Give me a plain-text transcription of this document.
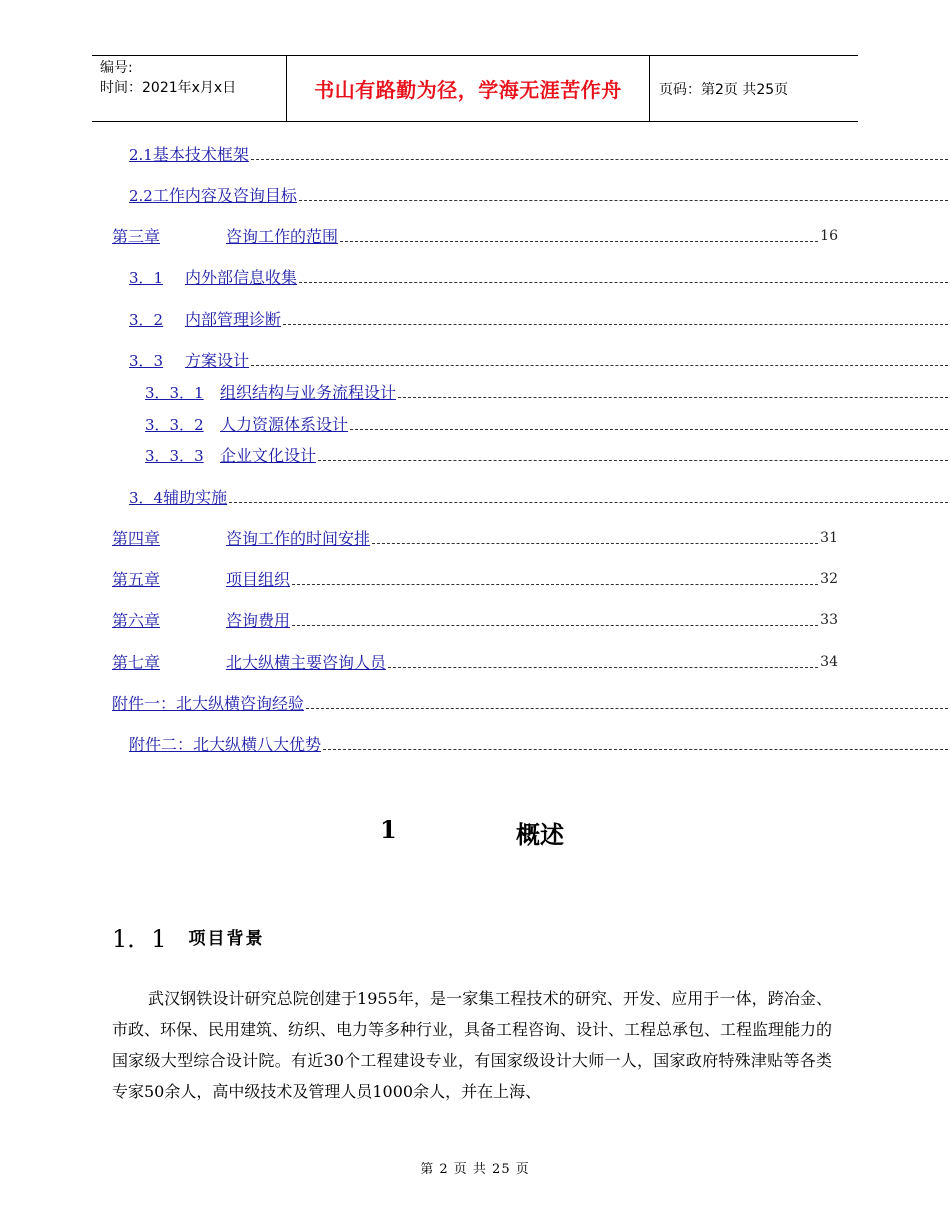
编号:
时间：2021年x月x日	书山有路勤为径，学海无涯苦作舟	页码：第2页 共25页
2.1 基本技术框架
2.2 工作内容及咨询目标
第三章	咨询工作的范围	16
3．1	内外部信息收集
3．2	内部管理诊断
3．3	方案设计
3．3．1	组织结构与业务流程设计
3．3．2	人力资源体系设计
3．3．3	企业文化设计
3．4 辅助实施
第四章	咨询工作的时间安排	31
第五章	项目组织	32
第六章	咨询费用	33
第七章	北大纵横主要咨询人员	34
附件一：北大纵横咨询经验
附件二：北大纵横八大优势
1	概述
1．1 项目背景
武汉钢铁设计研究总院创建于1955年，是一家集工程技术的研究、开发、应用于一体，跨冶金、市政、环保、民用建筑、纺织、电力等多种行业，具备工程咨询、设计、工程总承包、工程监理能力的国家级大型综合设计院。有近30个工程建设专业，有国家级设计大师一人，国家政府特殊津贴等各类专家50余人，高中级技术及管理人员1000余人，并在上海、
第 2 页 共 25 页
